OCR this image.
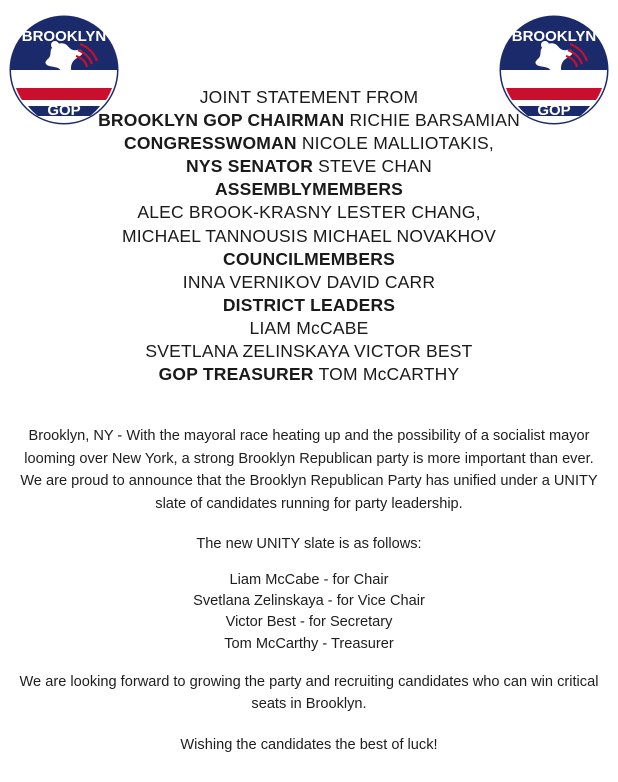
BROOKLYN
GOP
BROOKLYN
GOP
JOINT STATEMENT FROM
BROOKLYN GOP CHAIRMAN RICHIE BARSAMIAN
CONGRESSWOMAN NICOLE MALLIOTAKIS,
NYS SENATOR STEVE CHAN
ASSEMBLYMEMBERS
ALEC BROOK-KRASNY LESTER CHANG,
MICHAEL TANNOUSIS MICHAEL NOVAKHOV
COUNCILMEMBERS
INNA VERNIKOV DAVID CARR
DISTRICT LEADERS
LIAM McCABE
SVETLANA ZELINSKAYA VICTOR BEST
GOP TREASURER TOM McCARTHY

Brooklyn, NY - With the mayoral race heating up and the possibility of a socialist mayor looming over New York, a strong Brooklyn Republican party is more important than ever. We are proud to announce that the Brooklyn Republican Party has unified under a UNITY slate of candidates running for party leadership.

The new UNITY slate is as follows:

Liam McCabe - for Chair
Svetlana Zelinskaya - for Vice Chair
Victor Best - for Secretary
Tom McCarthy - Treasurer

We are looking forward to growing the party and recruiting candidates who can win critical seats in Brooklyn.

Wishing the candidates the best of luck!
